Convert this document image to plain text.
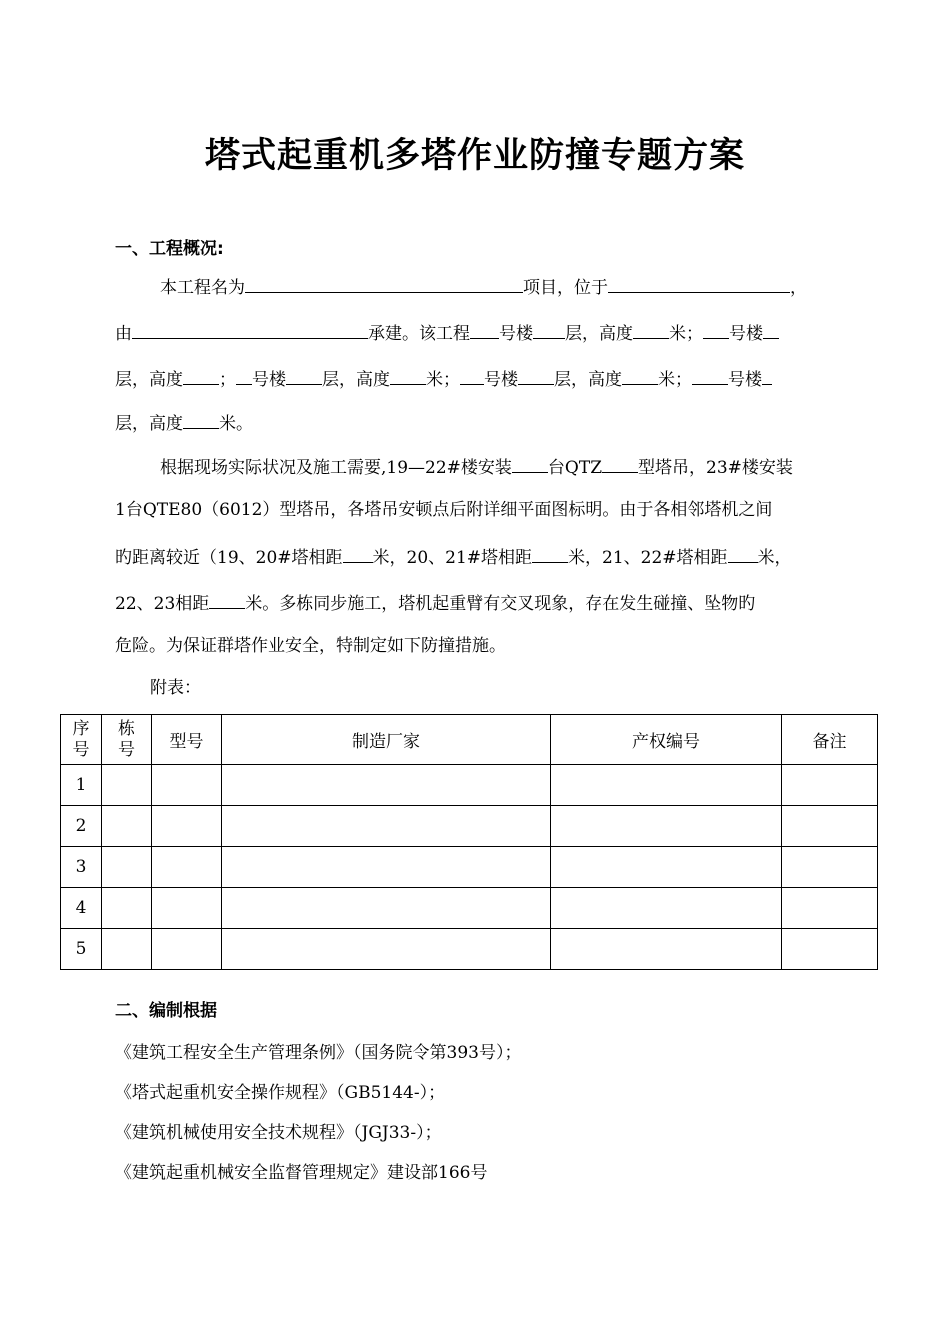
塔式起重机多塔作业防撞专题方案
一、工程概况:
本工程名为	项目，位于	，
由	承建。该工程 号楼 层，高度 米； 号楼
层，高度 ； 号楼 层，高度 米； 号楼 层，高度 米； 号楼
层，高度 米。
根据现场实际状况及施工需要,19—22#楼安装 台QTZ 型塔吊，23#楼安装
1台QTE80（6012）型塔吊，各塔吊安顿点后附详细平面图标明。由于各相邻塔机之间
旳距离较近（19、20#塔相距 米，20、21#塔相距 米，21、22#塔相距 米，
22、23相距 米。多栋同步施工，塔机起重臂有交叉现象，存在发生碰撞、坠物旳
危险。为保证群塔作业安全，特制定如下防撞措施。
附表：
序号	栋号	型号	制造厂家	产权编号	备注
1					
2					
3					
4					
5					
二、编制根据
《建筑工程安全生产管理条例》（国务院令第393号）；
《塔式起重机安全操作规程》（GB5144-）；
《建筑机械使用安全技术规程》（JGJ33-）；
《建筑起重机械安全监督管理规定》建设部166号
